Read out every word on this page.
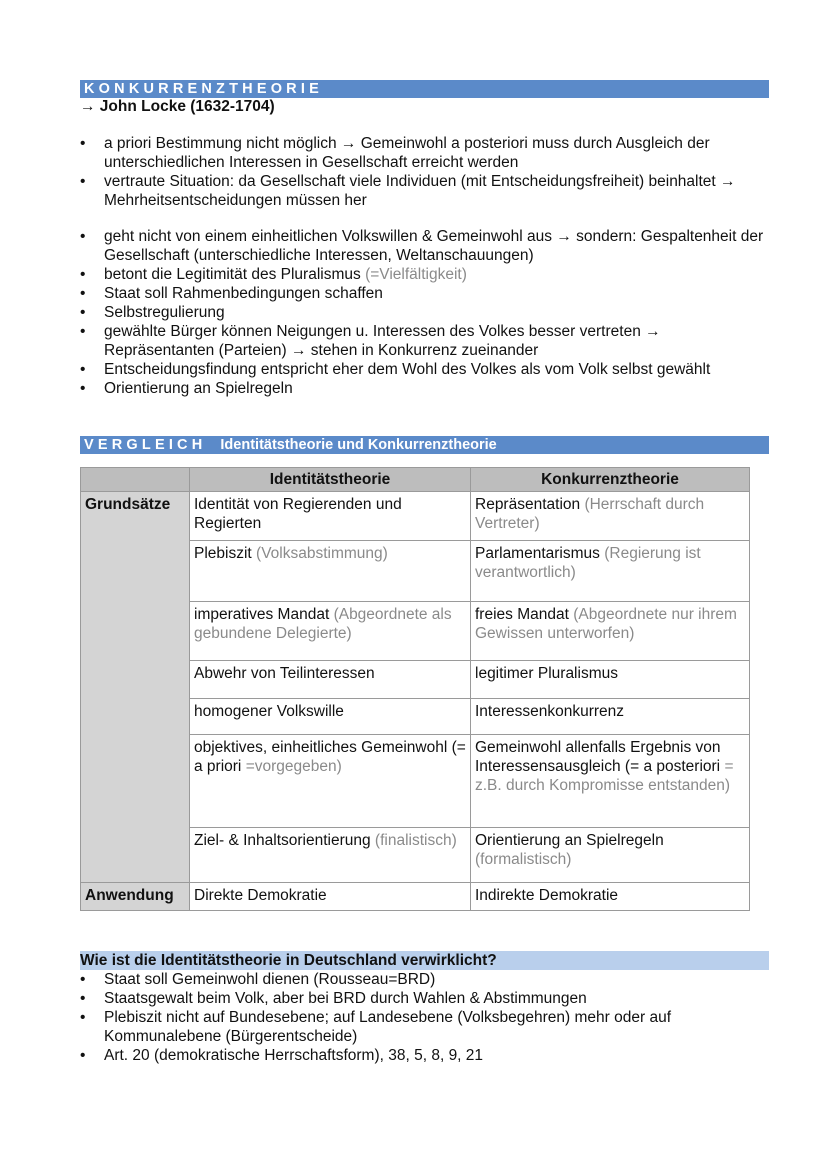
KONKURRENZTHEORIE
→ John Locke (1632-1704)
• a priori Bestimmung nicht möglich → Gemeinwohl a posteriori muss durch Ausgleich der unterschiedlichen Interessen in Gesellschaft erreicht werden
• vertraute Situation: da Gesellschaft viele Individuen (mit Entscheidungsfreiheit) beinhaltet → Mehrheitsentscheidungen müssen her
• geht nicht von einem einheitlichen Volkswillen & Gemeinwohl aus → sondern: Gespaltenheit der Gesellschaft (unterschiedliche Interessen, Weltanschauungen)
• betont die Legitimität des Pluralismus (=Vielfältigkeit)
• Staat soll Rahmenbedingungen schaffen
• Selbstregulierung
• gewählte Bürger können Neigungen u. Interessen des Volkes besser vertreten → Repräsentanten (Parteien) → stehen in Konkurrenz zueinander
• Entscheidungsfindung entspricht eher dem Wohl des Volkes als vom Volk selbst gewählt
• Orientierung an Spielregeln
VERGLEICH Identitätstheorie und Konkurrenztheorie
	Identitätstheorie	Konkurrenztheorie
Grundsätze	Identität von Regierenden und Regierten	Repräsentation (Herrschaft durch Vertreter)
	Plebiszit (Volksabstimmung)	Parlamentarismus (Regierung ist verantwortlich)
	imperatives Mandat (Abgeordnete als gebundene Delegierte)	freies Mandat (Abgeordnete nur ihrem Gewissen unterworfen)
	Abwehr von Teilinteressen	legitimer Pluralismus
	homogener Volkswille	Interessenkonkurrenz
	objektives, einheitliches Gemeinwohl (= a priori =vorgegeben)	Gemeinwohl allenfalls Ergebnis von Interessensausgleich (= a posteriori = z.B. durch Kompromisse entstanden)
	Ziel- & Inhaltsorientierung (finalistisch)	Orientierung an Spielregeln (formalistisch)
Anwendung	Direkte Demokratie	Indirekte Demokratie
Wie ist die Identitätstheorie in Deutschland verwirklicht?
• Staat soll Gemeinwohl dienen (Rousseau=BRD)
• Staatsgewalt beim Volk, aber bei BRD durch Wahlen & Abstimmungen
• Plebiszit nicht auf Bundesebene; auf Landesebene (Volksbegehren) mehr oder auf Kommunalebene (Bürgerentscheide)
• Art. 20 (demokratische Herrschaftsform), 38, 5, 8, 9, 21
